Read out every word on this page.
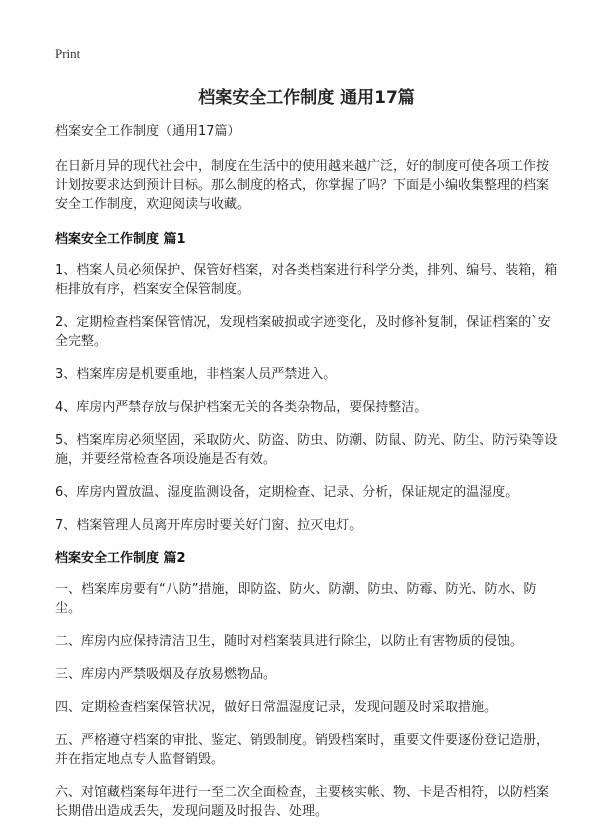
Print
档案安全工作制度 通用17篇

档案安全工作制度（通用17篇）

在日新月异的现代社会中，制度在生活中的使用越来越广泛，好的制度可使各项工作按计划按要求达到预计目标。那么制度的格式，你掌握了吗？下面是小编收集整理的档案安全工作制度，欢迎阅读与收藏。

档案安全工作制度 篇1

1、档案人员必须保护、保管好档案，对各类档案进行科学分类，排列、编号、装箱，箱柜排放有序，档案安全保管制度。

2、定期检查档案保管情况，发现档案破损或字迹变化，及时修补复制，保证档案的`安全完整。

3、档案库房是机要重地，非档案人员严禁进入。

4、库房内严禁存放与保护档案无关的各类杂物品，要保持整洁。

5、档案库房必须坚固，采取防火、防盗、防虫、防潮、防鼠、防光、防尘、防污染等设施，并要经常检查各项设施是否有效。

6、库房内置放温、湿度监测设备，定期检查、记录、分析，保证规定的温湿度。

7、档案管理人员离开库房时要关好门窗、拉灭电灯。

档案安全工作制度 篇2

一、档案库房要有“八防”措施，即防盗、防火、防潮、防虫、防霉、防光、防水、防尘。

二、库房内应保持清洁卫生，随时对档案装具进行除尘，以防止有害物质的侵蚀。

三、库房内严禁吸烟及存放易燃物品。

四、定期检查档案保管状况，做好日常温湿度记录，发现问题及时采取措施。

五、严格遵守档案的审批、鉴定、销毁制度。销毁档案时，重要文件要逐份登记造册，并在指定地点专人监督销毁。

六、对馆藏档案每年进行一至二次全面检查，主要核实帐、物、卡是否相符，以防档案长期借出造成丢失，发现问题及时报告、处理。
